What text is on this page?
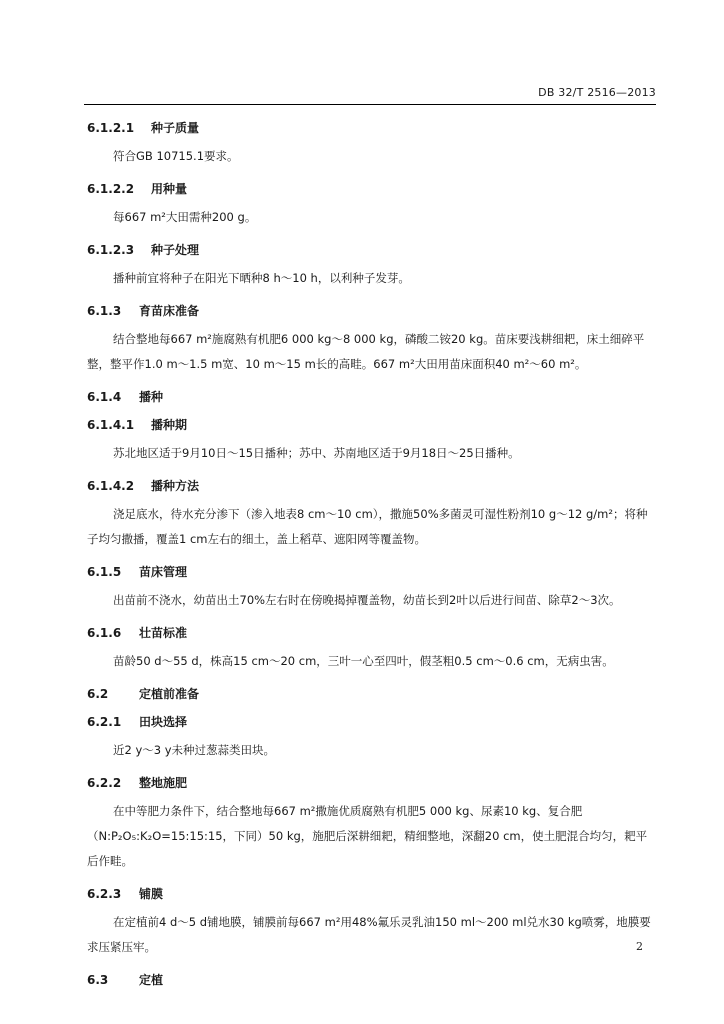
DB 32/T 2516—2013
6.1.2.1 种子质量

符合GB 10715.1要求。

6.1.2.2 用种量

每667 m²大田需种200 g。

6.1.2.3 种子处理

播种前宜将种子在阳光下晒种8 h～10 h，以利种子发芽。

6.1.3 育苗床准备

结合整地每667 m²施腐熟有机肥6 000 kg～8 000 kg，磷酸二铵20 kg。苗床要浅耕细耙，床土细碎平整，整平作1.0 m～1.5 m宽、10 m～15 m长的高畦。667 m²大田用苗床面积40 m²～60 m²。

6.1.4 播种
6.1.4.1 播种期

苏北地区适于9月10日～15日播种；苏中、苏南地区适于9月18日～25日播种。

6.1.4.2 播种方法

浇足底水，待水充分渗下（渗入地表8 cm～10 cm），撒施50%多菌灵可湿性粉剂10 g～12 g/m²；将种子均匀撒播，覆盖1 cm左右的细土，盖上稻草、遮阳网等覆盖物。

6.1.5 苗床管理

出苗前不浇水，幼苗出土70%左右时在傍晚揭掉覆盖物，幼苗长到2叶以后进行间苗、除草2～3次。

6.1.6 壮苗标准

苗龄50 d～55 d，株高15 cm～20 cm，三叶一心至四叶，假茎粗0.5 cm～0.6 cm，无病虫害。

6.2	定植前准备
6.2.1 田块选择

近2 y～3 y未种过葱蒜类田块。

6.2.2 整地施肥

在中等肥力条件下，结合整地每667 m²撒施优质腐熟有机肥5 000 kg、尿素10 kg、复合肥（N:P₂O₅:K₂O=15:15:15，下同）50 kg，施肥后深耕细耙，精细整地，深翻20 cm，使土肥混合均匀，耙平后作畦。

6.2.3 铺膜

在定植前4 d～5 d铺地膜，铺膜前每667 m²用48%氟乐灵乳油150 ml～200 ml兑水30 kg喷雾，地膜要求压紧压牢。

6.3	定植
2
